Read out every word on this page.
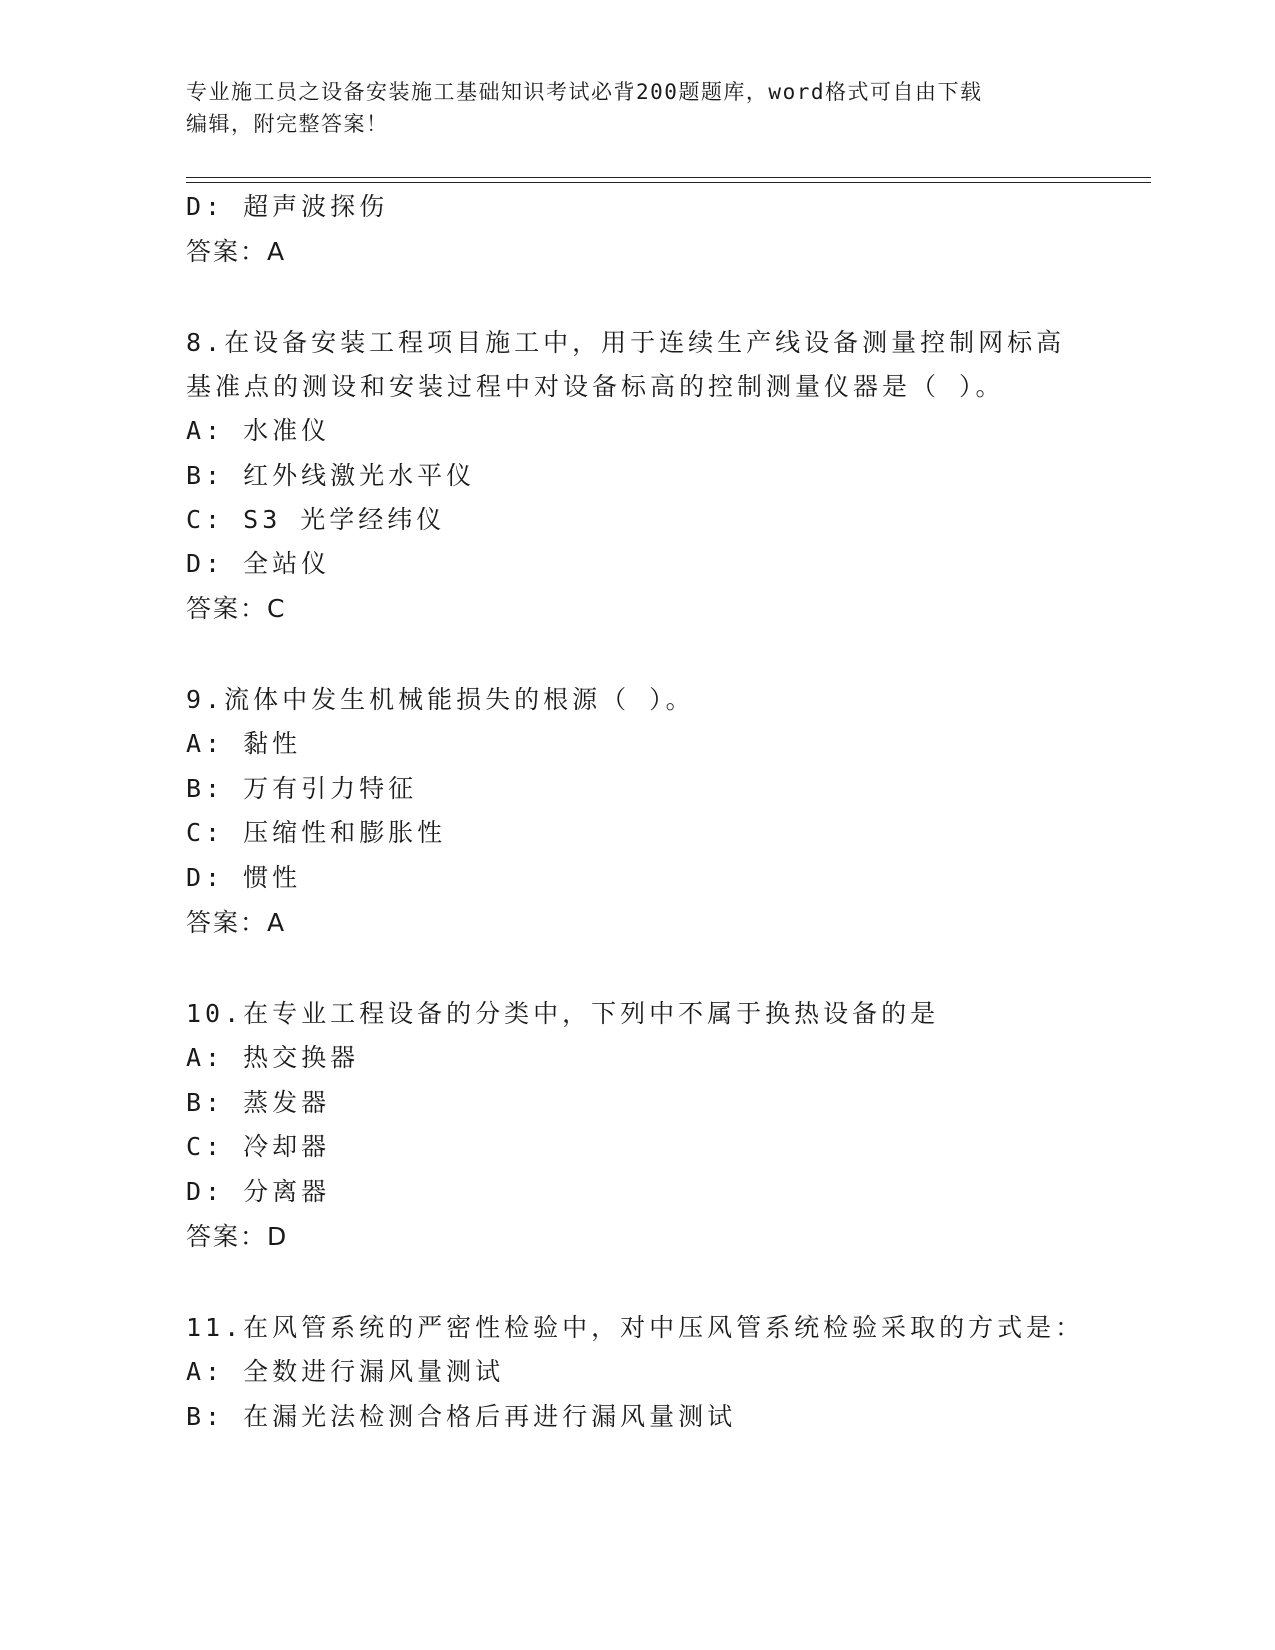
专业施工员之设备安装施工基础知识考试必背200题题库，word格式可自由下载
编辑，附完整答案！
D: 超声波探伤
答案：A
8.在设备安装工程项目施工中，用于连续生产线设备测量控制网标高
基准点的测设和安装过程中对设备标高的控制测量仪器是（ ）。
A: 水准仪
B: 红外线激光水平仪
C: S3 光学经纬仪
D: 全站仪
答案：C
9.流体中发生机械能损失的根源（ ）。
A: 黏性
B: 万有引力特征
C: 压缩性和膨胀性
D: 惯性
答案：A
10.在专业工程设备的分类中，下列中不属于换热设备的是
A: 热交换器
B: 蒸发器
C: 冷却器
D: 分离器
答案：D
11.在风管系统的严密性检验中，对中压风管系统检验采取的方式是：
A: 全数进行漏风量测试
B: 在漏光法检测合格后再进行漏风量测试
